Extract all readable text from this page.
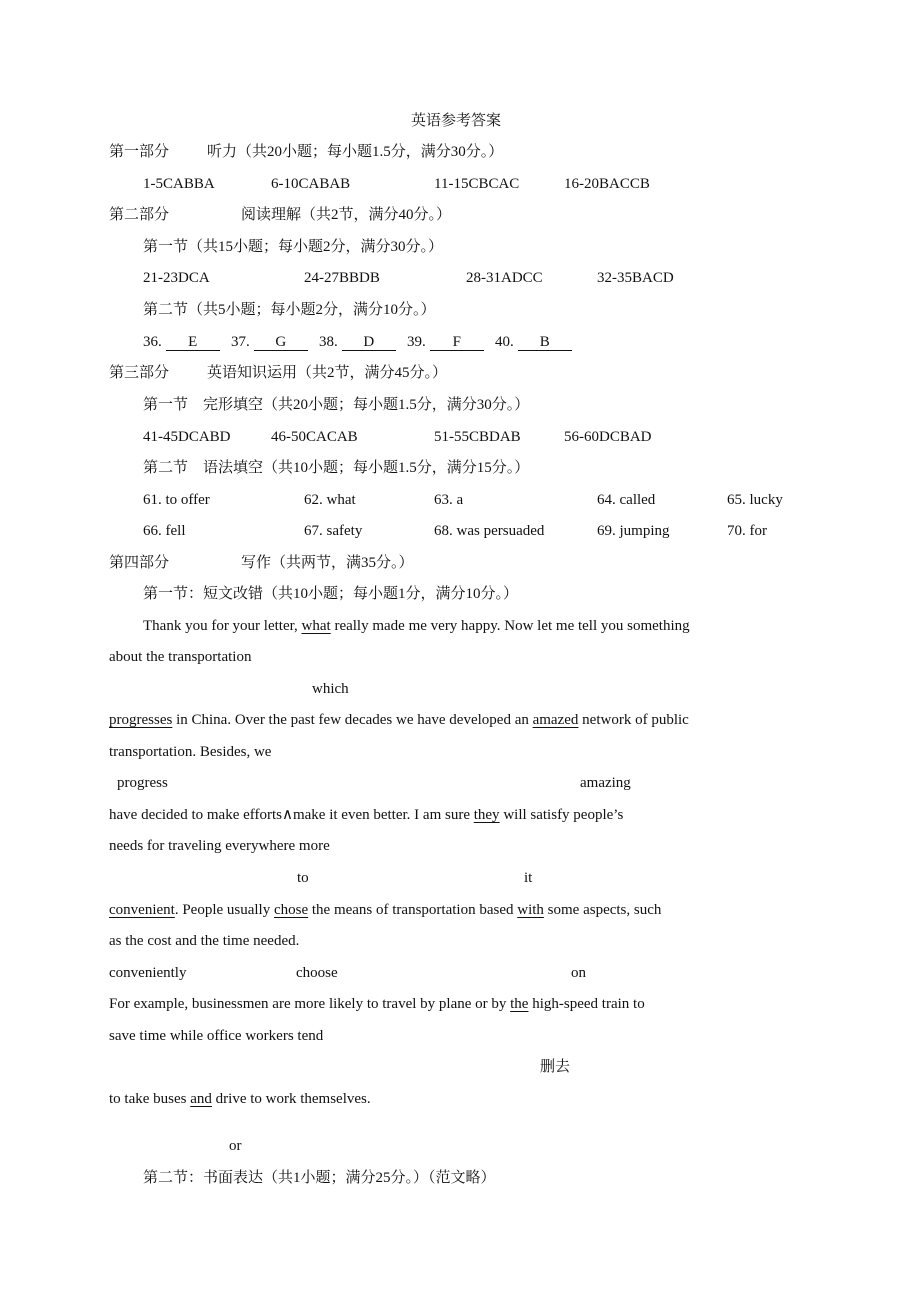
英语参考答案
第一部分	听力（共20小题；每小题1.5分，满分30分。）
1-5CABBA	6-10CABAB	11-15CBCAC	16-20BACCB
第二部分	阅读理解（共2节，满分40分。）
第一节（共15小题；每小题2分，满分30分。）
21-23DCA	24-27BBDB	28-31ADCC	32-35BACD
第二节（共5小题；每小题2分，满分10分。）
36. E 37. G 38. D 39. F 40. B
第三部分	英语知识运用（共2节，满分45分。）
第一节　完形填空（共20小题；每小题1.5分，满分30分。）
41-45DCABD	46-50CACAB	51-55CBDAB	56-60DCBAD
第二节　语法填空（共10小题；每小题1.5分，满分15分。）
61. to offer	62. what	63. a	64. called	65. lucky
66. fell	67. safety	68. was persuaded	69. jumping	70. for
第四部分	写作（共两节，满35分。）
第一节：短文改错（共10小题；每小题1分，满分10分。）
Thank you for your letter, what really made me very happy. Now let me tell you something
about the transportation
which
progresses in China. Over the past few decades we have developed an amazed network of public
transportation. Besides, we
progress	amazing
have decided to make efforts∧make it even better. I am sure they will satisfy people’s
needs for traveling everywhere more
to	it
convenient. People usually chose the means of transportation based with some aspects, such
as the cost and the time needed.
conveniently	choose	on
For example, businessmen are more likely to travel by plane or by the high-speed train to
save time while office workers tend
删去
to take buses and drive to work themselves.
or
第二节：书面表达（共1小题；满分25分。）（范文略）
